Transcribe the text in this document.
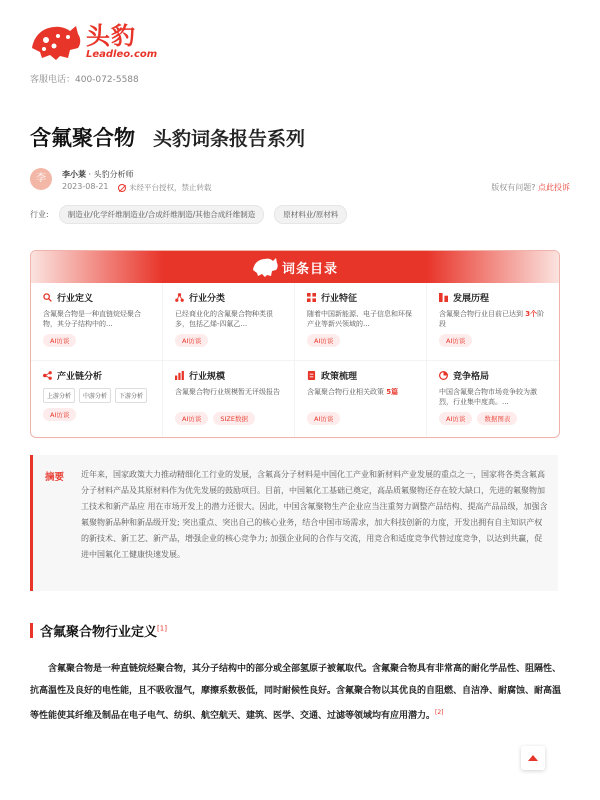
头豹
Leadleo.com
客服电话：400-072-5588
含氟聚合物 头豹词条报告系列
李	李小莱 · 头豹分析师
2023-08-21	未经平台授权，禁止转载	版权有问题? 点此投诉
行业:	制造业/化学纤维制造业/合成纤维制造/其他合成纤维制造	原材料业/原材料
词条目录
行业定义
含氟聚合物是一种直链烷烃聚合物，其分子结构中的...
AI访谈
行业分类
已经商业化的含氟聚合物种类很多，包括乙烯-四氟乙...
AI访谈
行业特征
随着中国新能源、电子信息和环保产业等新兴领域的...
AI访谈
发展历程
含氟聚合物行业目前已达到 3个阶段
AI访谈
产业链分析
上游分析	中游分析	下游分析
AI访谈
行业规模
含氟聚合物行业规模暂无评级报告
AI访谈	SIZE数据
政策梳理
含氟聚合物行业相关政策 5篇
AI访谈
竞争格局
中国含氟聚合物市场竞争较为激烈，行业集中度高。...
AI访谈	数据图表
摘要 近年来，国家政策大力推动精细化工行业的发展，含氟高分子材料是中国化工产业和新材料产业发展的重点之一，国家将各类含氟高分子材料产品及其原材料作为优先发展的鼓励项目。目前，中国氟化工基础已奠定，高品质氟聚物还存在较大缺口，先进的氟聚物加工技术和新产品应 用在市场开发上的潜力还很大。因此，中国含氟聚物生产企业应当注重努力调整产品结构、提高产品品级，加强含氟聚物新品种和新品级开发; 突出重点、突出自己的核心业务，结合中国市场需求，加大科技创新的力度，开发出拥有自主知识产权的新技术、新工艺、新产品，增强企业的核心竞争力; 加强企业间的合作与交流，用竞合和适度竞争代替过度竞争，以达到共赢，促进中国氟化工健康快速发展。
含氟聚合物行业定义[1]
含氟聚合物是一种直链烷烃聚合物，其分子结构中的部分或全部氢原子被氟取代。含氟聚合物具有非常高的耐化学品性、阻隔性、抗高温性及良好的电性能，且不吸收湿气，摩擦系数极低，同时耐候性良好。含氟聚合物以其优良的自阻燃、自洁净、耐腐蚀、耐高温等性能使其纤维及制品在电子电气、纺织、航空航天、建筑、医学、交通、过滤等领域均有应用潜力。[2]
